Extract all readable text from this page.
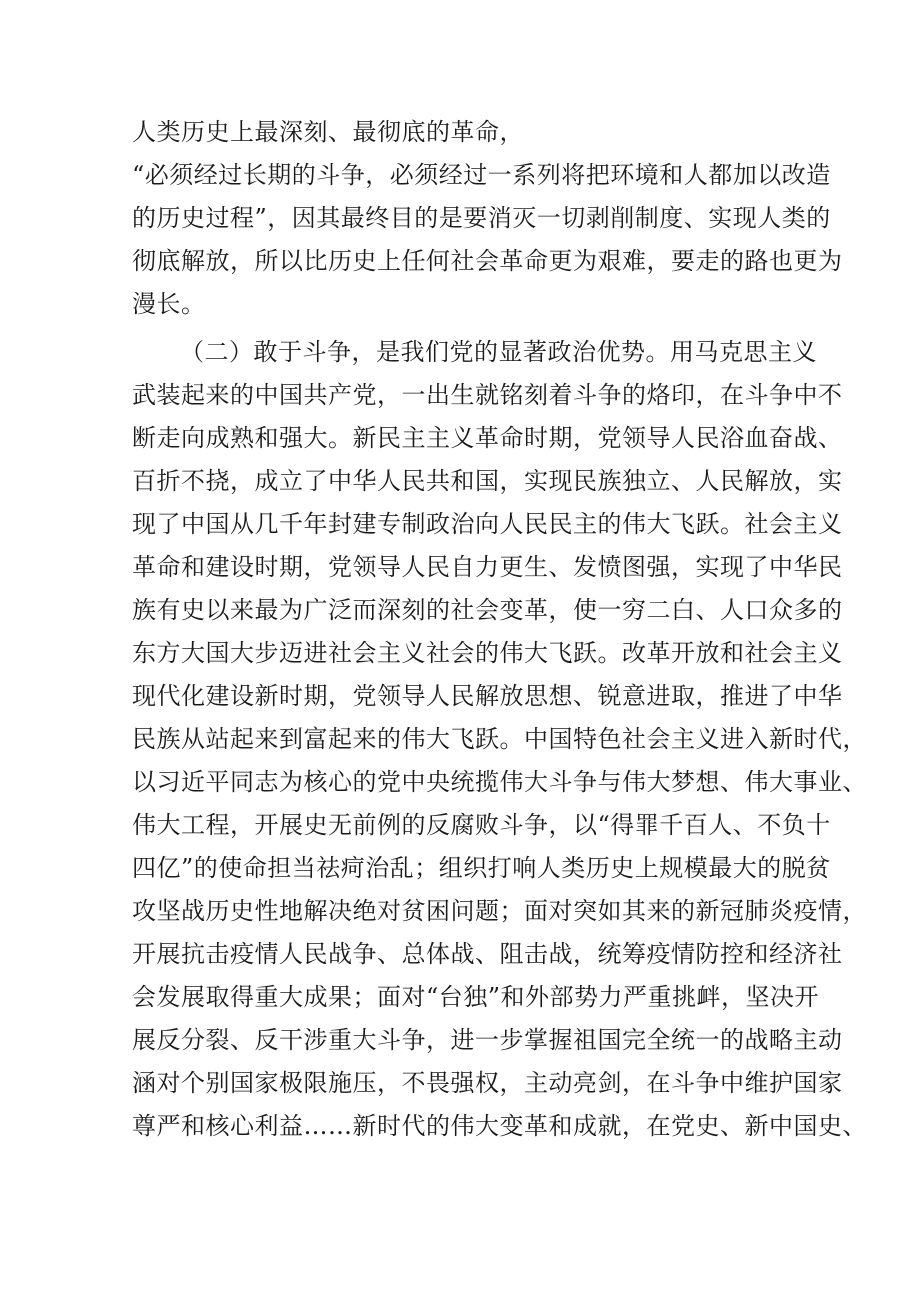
人类历史上最深刻、最彻底的革命，
“必须经过长期的斗争，必须经过一系列将把环境和人都加以改造
的历史过程”，因其最终目的是要消灭一切剥削制度、实现人类的
彻底解放，所以比历史上任何社会革命更为艰难，要走的路也更为
漫长。
（二）敢于斗争，是我们党的显著政治优势。用马克思主义
武装起来的中国共产党，一出生就铭刻着斗争的烙印，在斗争中不
断走向成熟和强大。新民主主义革命时期，党领导人民浴血奋战、
百折不挠，成立了中华人民共和国，实现民族独立、人民解放，实
现了中国从几千年封建专制政治向人民民主的伟大飞跃。社会主义
革命和建设时期，党领导人民自力更生、发愤图强，实现了中华民
族有史以来最为广泛而深刻的社会变革，使一穷二白、人口众多的
东方大国大步迈进社会主义社会的伟大飞跃。改革开放和社会主义
现代化建设新时期，党领导人民解放思想、锐意进取，推进了中华
民族从站起来到富起来的伟大飞跃。中国特色社会主义进入新时代，
以习近平同志为核心的党中央统揽伟大斗争与伟大梦想、伟大事业、
伟大工程，开展史无前例的反腐败斗争，以“得罪千百人、不负十
四亿”的使命担当祛疴治乱；组织打响人类历史上规模最大的脱贫
攻坚战历史性地解决绝对贫困问题；面对突如其来的新冠肺炎疫情，
开展抗击疫情人民战争、总体战、阻击战，统筹疫情防控和经济社
会发展取得重大成果；面对“台独”和外部势力严重挑衅，坚决开
展反分裂、反干涉重大斗争，进一步掌握祖国完全统一的战略主动
涵对个别国家极限施压，不畏强权，主动亮剑，在斗争中维护国家
尊严和核心利益……新时代的伟大变革和成就，在党史、新中国史、
